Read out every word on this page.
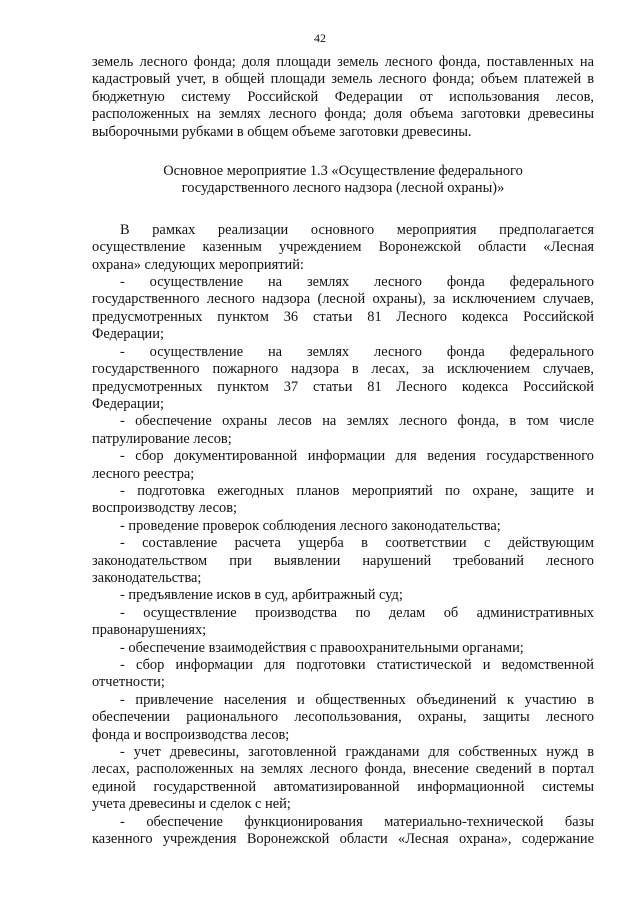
42

земель лесного фонда; доля площади земель лесного фонда, поставленных на

кадастровый учет, в общей площади земель лесного фонда; объем платежей в

бюджетную систему Российской Федерации от использования лесов,

расположенных на землях лесного фонда; доля объема заготовки древесины

выборочными рубками в общем объеме заготовки древесины.

Основное мероприятие 1.3 «Осуществление федерального
государственного лесного надзора (лесной охраны)»

В рамках реализации основного мероприятия предполагается

осуществление казенным учреждением Воронежской области «Лесная

охрана» следующих мероприятий:

- осуществление на землях лесного фонда федерального

государственного лесного надзора (лесной охраны), за исключением случаев,

предусмотренных пунктом 36 статьи 81 Лесного кодекса Российской

Федерации;

- осуществление на землях лесного фонда федерального

государственного пожарного надзора в лесах, за исключением случаев,

предусмотренных пунктом 37 статьи 81 Лесного кодекса Российской

Федерации;

- обеспечение охраны лесов на землях лесного фонда, в том числе

патрулирование лесов;

- сбор документированной информации для ведения государственного

лесного реестра;

- подготовка ежегодных планов мероприятий по охране, защите и

воспроизводству лесов;

- проведение проверок соблюдения лесного законодательства;

- составление расчета ущерба в соответствии с действующим

законодательством при выявлении нарушений требований лесного

законодательства;

- предъявление исков в суд, арбитражный суд;

- осуществление производства по делам об административных

правонарушениях;

- обеспечение взаимодействия с правоохранительными органами;

- сбор информации для подготовки статистической и ведомственной

отчетности;

- привлечение населения и общественных объединений к участию в

обеспечении рационального лесопользования, охраны, защиты лесного

фонда и воспроизводства лесов;

- учет древесины, заготовленной гражданами для собственных нужд в

лесах, расположенных на землях лесного фонда, внесение сведений в портал

единой государственной автоматизированной информационной системы

учета древесины и сделок с ней;

- обеспечение функционирования материально-технической базы

казенного учреждения Воронежской области «Лесная охрана», содержание
